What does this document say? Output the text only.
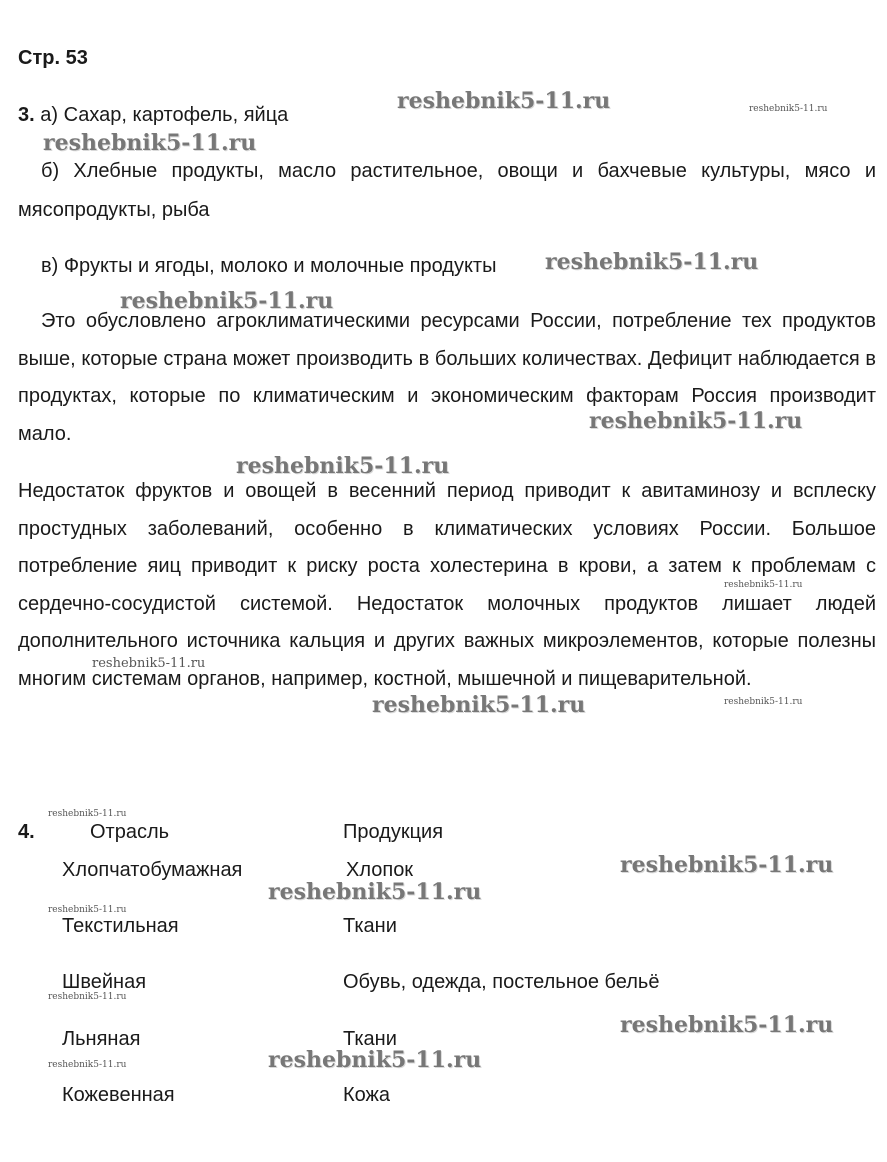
Стр. 53
3. а) Сахар, картофель, яйца
б) Хлебные продукты, масло растительное, овощи и бахчевые культуры, мясо и мясопродукты, рыба
в) Фрукты и ягоды, молоко и молочные продукты
Это обусловлено агроклиматическими ресурсами России, потребление тех продуктов выше, которые страна может производить в больших количествах. Дефицит наблюдается в продуктах, которые по климатическим и экономическим факторам Россия производит мало.
Недостаток фруктов и овощей в весенний период приводит к авитаминозу и всплеску простудных заболеваний, особенно в климатических условиях России. Большое потребление яиц приводит к риску роста холестерина в крови, а затем к проблемам с сердечно-сосудистой системой. Недостаток молочных продуктов лишает людей дополнительного источника кальция и других важных микроэлементов, которые полезны многим системам органов, например, костной, мышечной и пищеварительной.
4.	Отрасль	Продукция
Хлопчатобумажная	Хлопок
Текстильная	Ткани
Швейная	Обувь, одежда, постельное бельё
Льняная	Ткани
Кожевенная	Кожа
reshebnik5-11.ru
reshebnik5-11.ru
reshebnik5-11.ru
reshebnik5-11.ru
reshebnik5-11.ru
reshebnik5-11.ru
reshebnik5-11.ru
reshebnik5-11.ru
reshebnik5-11.ru
reshebnik5-11.ru
reshebnik5-11.ru
reshebnik5-11.ru
reshebnik5-11.ru
reshebnik5-11.ru
reshebnik5-11.ru
reshebnik5-11.ru
reshebnik5-11.ru
reshebnik5-11.ru
reshebnik5-11.ru
